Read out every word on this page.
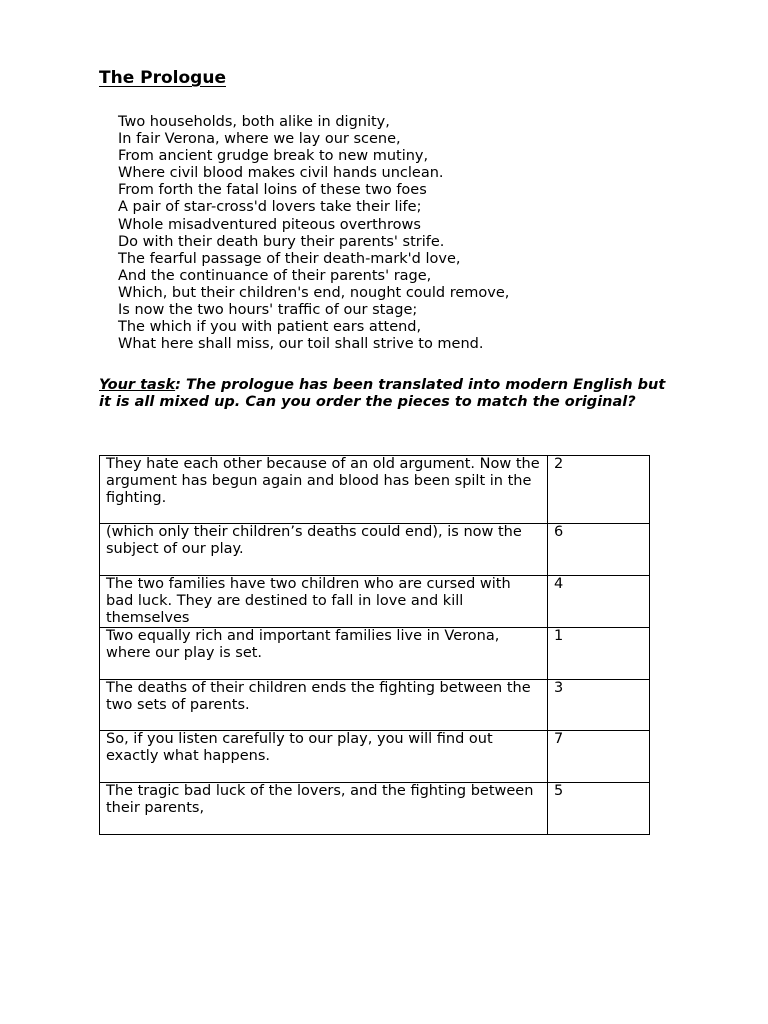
The Prologue
Two households, both alike in dignity,
In fair Verona, where we lay our scene,
From ancient grudge break to new mutiny,
Where civil blood makes civil hands unclean.
From forth the fatal loins of these two foes
A pair of star-cross'd lovers take their life;
Whole misadventured piteous overthrows
Do with their death bury their parents' strife.
The fearful passage of their death-mark'd love,
And the continuance of their parents' rage,
Which, but their children's end, nought could remove,
Is now the two hours' traffic of our stage;
The which if you with patient ears attend,
What here shall miss, our toil shall strive to mend.

Your task: The prologue has been translated into modern English but it is all mixed up. Can you order the pieces to match the original?

They hate each other because of an old argument. Now the argument has begun again and blood has been spilt in the fighting.	2

(which only their children’s deaths could end), is now the subject of our play.	6

The two families have two children who are cursed with bad luck. They are destined to fall in love and kill themselves	4

Two equally rich and important families live in Verona, where our play is set.	1

The deaths of their children ends the fighting between the two sets of parents.	3

So, if you listen carefully to our play, you will find out exactly what happens.	7

The tragic bad luck of the lovers, and the fighting between their parents,	5
